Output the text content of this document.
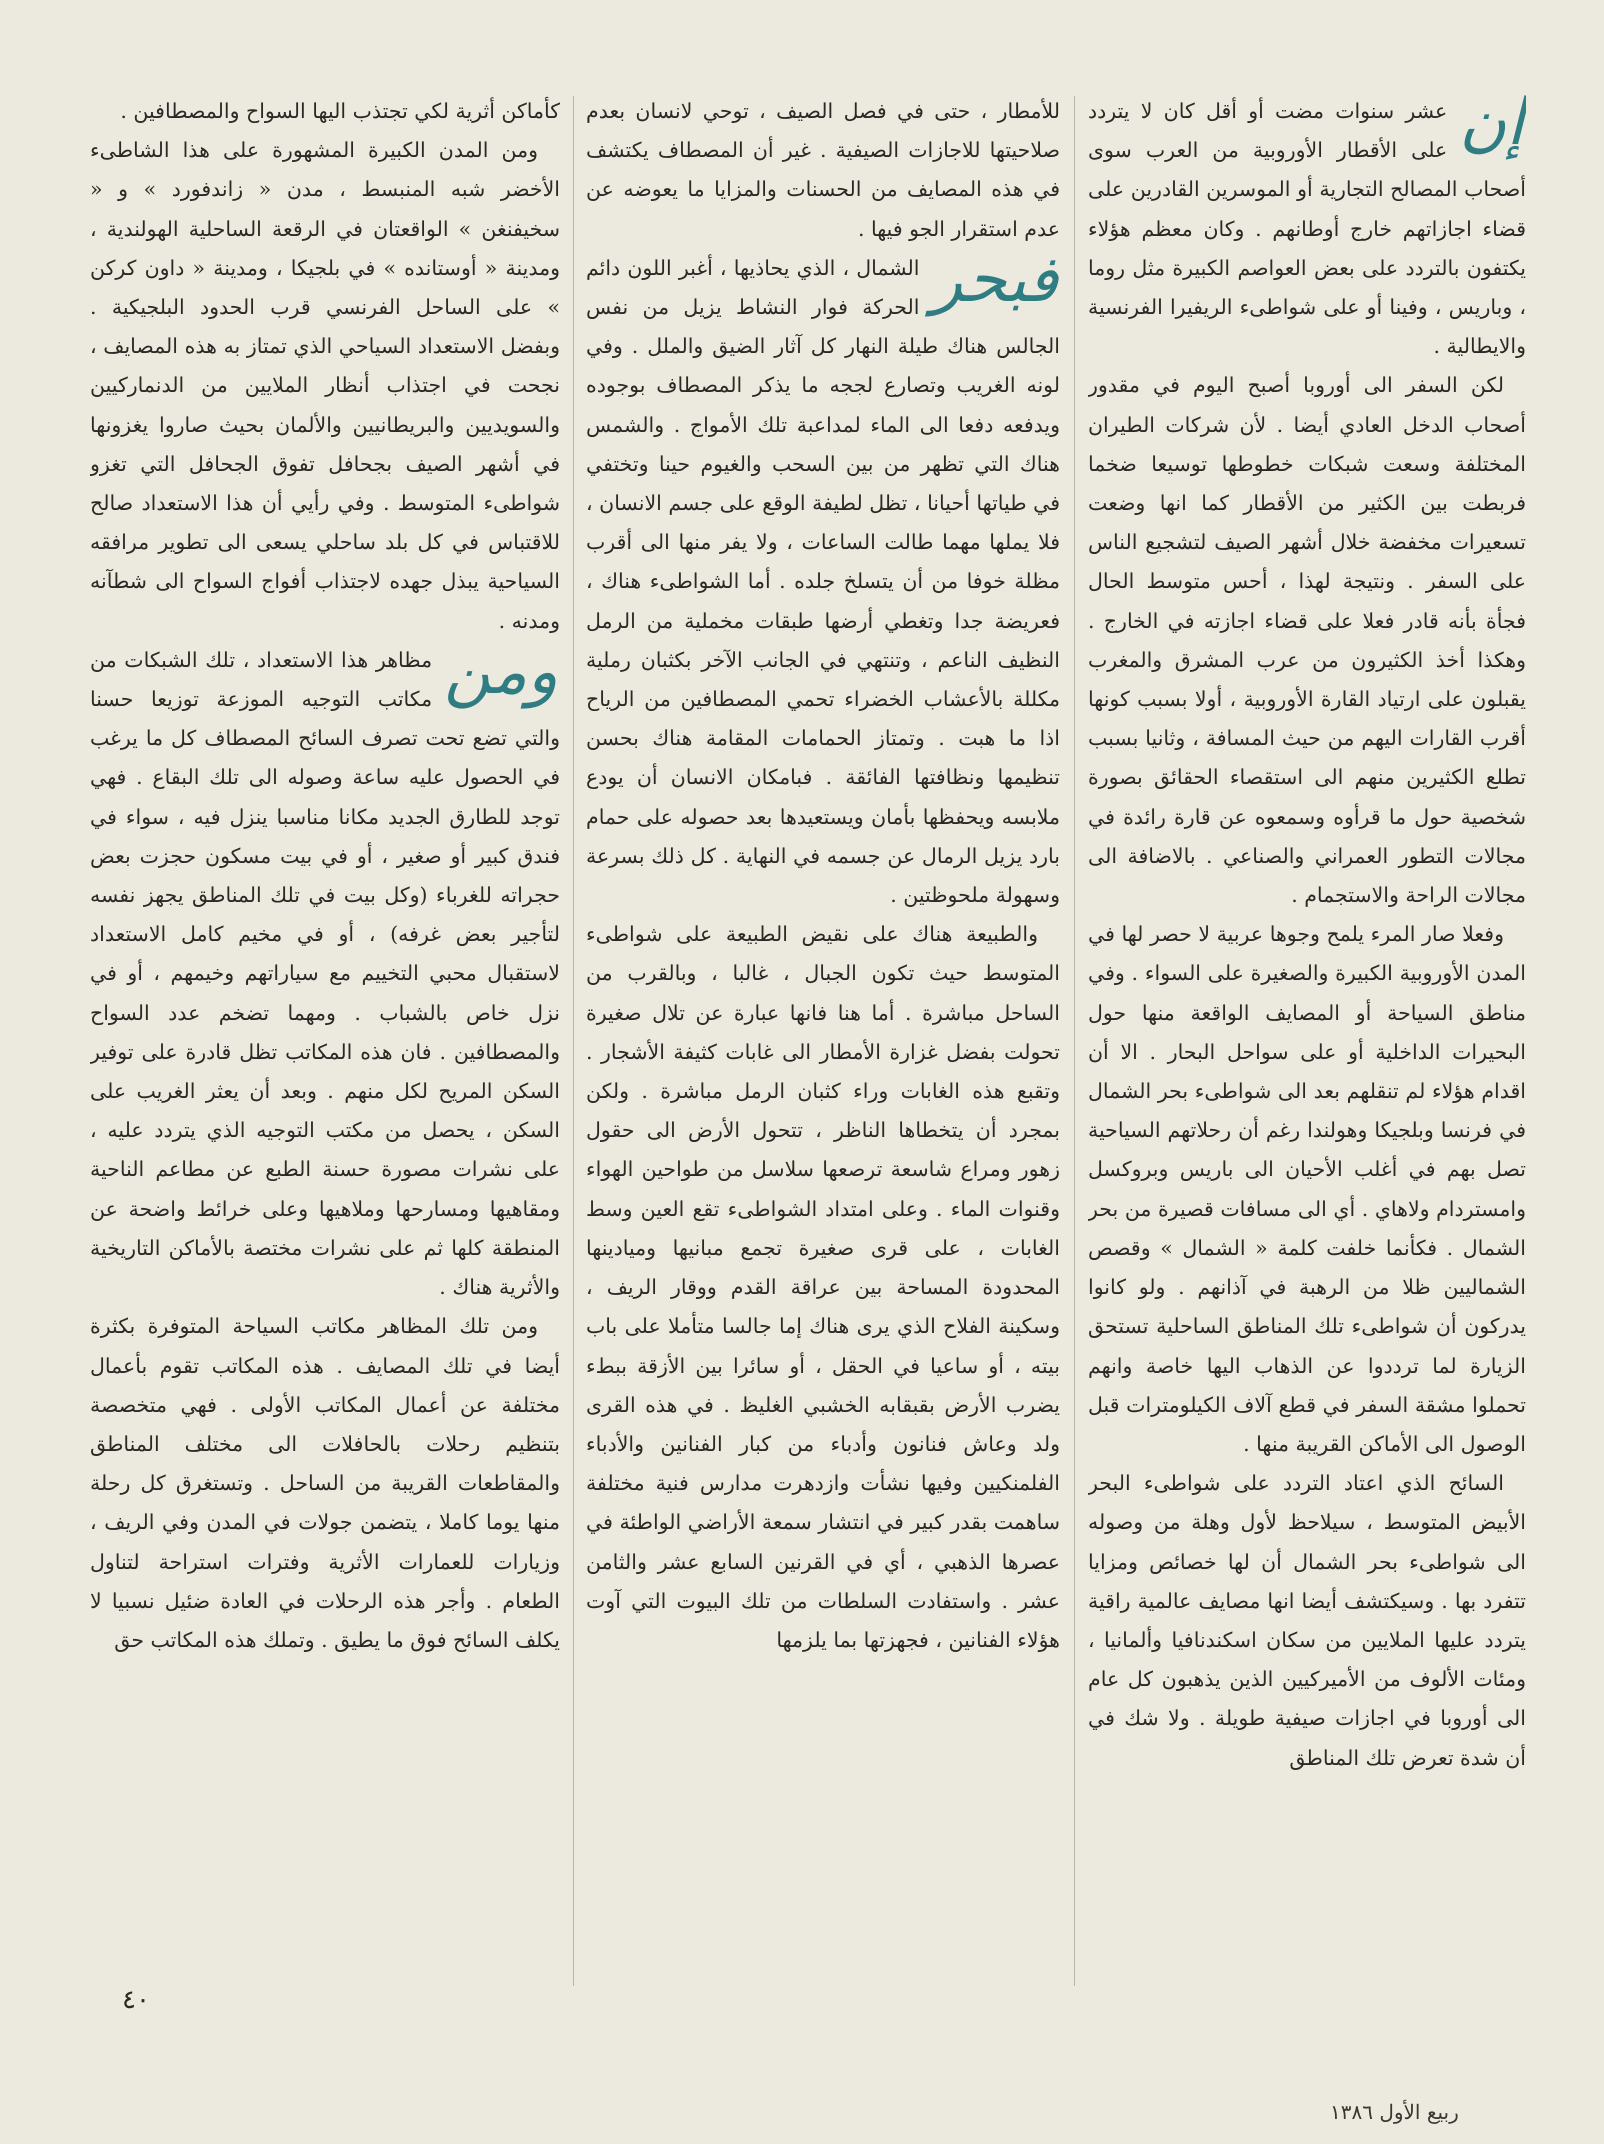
إن

عشر سنوات مضت أو أقل كان لا يتردد على الأقطار الأوروبية من العرب سوى أصحاب المصالح التجارية أو الموسرين القادرين على قضاء اجازاتهم خارج أوطانهم . وكان معظم هؤلاء يكتفون بالتردد على بعض العواصم الكبيرة مثل روما ، وباريس ، وفينا أو على شواطىء الريفيرا الفرنسية والايطالية .

لكن السفر الى أوروبا أصبح اليوم في مقدور أصحاب الدخل العادي أيضا . لأن شركات الطيران المختلفة وسعت شبكات خطوطها توسيعا ضخما فربطت بين الكثير من الأقطار كما انها وضعت تسعيرات مخفضة خلال أشهر الصيف لتشجيع الناس على السفر . ونتيجة لهذا ، أحس متوسط الحال فجأة بأنه قادر فعلا على قضاء اجازته في الخارج . وهكذا أخذ الكثيرون من عرب المشرق والمغرب يقبلون على ارتياد القارة الأوروبية ، أولا بسبب كونها أقرب القارات اليهم من حيث المسافة ، وثانيا بسبب تطلع الكثيرين منهم الى استقصاء الحقائق بصورة شخصية حول ما قرأوه وسمعوه عن قارة رائدة في مجالات التطور العمراني والصناعي . بالاضافة الى مجالات الراحة والاستجمام .

وفعلا صار المرء يلمح وجوها عربية لا حصر لها في المدن الأوروبية الكبيرة والصغيرة على السواء . وفي مناطق السياحة أو المصايف الواقعة منها حول البحيرات الداخلية أو على سواحل البحار . الا أن اقدام هؤلاء لم تنقلهم بعد الى شواطىء بحر الشمال في فرنسا وبلجيكا وهولندا رغم أن رحلاتهم السياحية تصل بهم في أغلب الأحيان الى باريس وبروكسل وامستردام ولاهاي . أي الى مسافات قصيرة من بحر الشمال . فكأنما خلفت كلمة « الشمال » وقصص الشماليين ظلا من الرهبة في آذانهم . ولو كانوا يدركون أن شواطىء تلك المناطق الساحلية تستحق الزيارة لما ترددوا عن الذهاب اليها خاصة وانهم تحملوا مشقة السفر في قطع آلاف الكيلومترات قبل الوصول الى الأماكن القريبة منها .

السائح الذي اعتاد التردد على شواطىء البحر الأبيض المتوسط ، سيلاحظ لأول وهلة من وصوله الى شواطىء بحر الشمال أن لها خصائص ومزايا تتفرد بها . وسيكتشف أيضا انها مصايف عالمية راقية يتردد عليها الملايين من سكان اسكندنافيا وألمانيا ، ومئات الألوف من الأميركيين الذين يذهبون كل عام الى أوروبا في اجازات صيفية طويلة . ولا شك في أن شدة تعرض تلك المناطق

للأمطار ، حتى في فصل الصيف ، توحي لانسان بعدم صلاحيتها للاجازات الصيفية . غير أن المصطاف يكتشف في هذه المصايف من الحسنات والمزايا ما يعوضه عن عدم استقرار الجو فيها .

فبحر

الشمال ، الذي يحاذيها ، أغبر اللون دائم الحركة فوار النشاط يزيل من نفس الجالس هناك طيلة النهار كل آثار الضيق والملل . وفي لونه الغريب وتصارع لججه ما يذكر المصطاف بوجوده ويدفعه دفعا الى الماء لمداعبة تلك الأمواج . والشمس هناك التي تظهر من بين السحب والغيوم حينا وتختفي في طياتها أحيانا ، تظل لطيفة الوقع على جسم الانسان ، فلا يملها مهما طالت الساعات ، ولا يفر منها الى أقرب مظلة خوفا من أن يتسلخ جلده . أما الشواطىء هناك ، فعريضة جدا وتغطي أرضها طبقات مخملية من الرمل النظيف الناعم ، وتنتهي في الجانب الآخر بكثبان رملية مكللة بالأعشاب الخضراء تحمي المصطافين من الرياح اذا ما هبت . وتمتاز الحمامات المقامة هناك بحسن تنظيمها ونظافتها الفائقة . فبامكان الانسان أن يودع ملابسه ويحفظها بأمان ويستعيدها بعد حصوله على حمام بارد يزيل الرمال عن جسمه في النهاية . كل ذلك بسرعة وسهولة ملحوظتين .

والطبيعة هناك على نقيض الطبيعة على شواطىء المتوسط حيث تكون الجبال ، غالبا ، وبالقرب من الساحل مباشرة . أما هنا فانها عبارة عن تلال صغيرة تحولت بفضل غزارة الأمطار الى غابات كثيفة الأشجار . وتقبع هذه الغابات وراء كثبان الرمل مباشرة . ولكن بمجرد أن يتخطاها الناظر ، تتحول الأرض الى حقول زهور ومراع شاسعة ترصعها سلاسل من طواحين الهواء وقنوات الماء . وعلى امتداد الشواطىء تقع العين وسط الغابات ، على قرى صغيرة تجمع مبانيها وميادينها المحدودة المساحة بين عراقة القدم ووقار الريف ، وسكينة الفلاح الذي يرى هناك إما جالسا متأملا على باب بيته ، أو ساعيا في الحقل ، أو سائرا بين الأزقة ببطء يضرب الأرض بقبقابه الخشبي الغليظ . في هذه القرى ولد وعاش فنانون وأدباء من كبار الفنانين والأدباء الفلمنكيين وفيها نشأت وازدهرت مدارس فنية مختلفة ساهمت بقدر كبير في انتشار سمعة الأراضي الواطئة في عصرها الذهبي ، أي في القرنين السابع عشر والثامن عشر . واستفادت السلطات من تلك البيوت التي آوت هؤلاء الفنانين ، فجهزتها بما يلزمها

كأماكن أثرية لكي تجتذب اليها السواح والمصطافين .

ومن المدن الكبيرة المشهورة على هذا الشاطىء الأخضر شبه المنبسط ، مدن « زاندفورد » و « سخيفنغن » الواقعتان في الرقعة الساحلية الهولندية ، ومدينة « أوستانده » في بلجيكا ، ومدينة « داون كركن » على الساحل الفرنسي قرب الحدود البلجيكية . وبفضل الاستعداد السياحي الذي تمتاز به هذه المصايف ، نجحت في اجتذاب أنظار الملايين من الدنماركيين والسويديين والبريطانيين والألمان بحيث صاروا يغزونها في أشهر الصيف بجحافل تفوق الجحافل التي تغزو شواطىء المتوسط . وفي رأيي أن هذا الاستعداد صالح للاقتباس في كل بلد ساحلي يسعى الى تطوير مرافقه السياحية يبذل جهده لاجتذاب أفواج السواح الى شطآنه ومدنه .

ومن

مظاهر هذا الاستعداد ، تلك الشبكات من مكاتب التوجيه الموزعة توزيعا حسنا والتي تضع تحت تصرف السائح المصطاف كل ما يرغب في الحصول عليه ساعة وصوله الى تلك البقاع . فهي توجد للطارق الجديد مكانا مناسبا ينزل فيه ، سواء في فندق كبير أو صغير ، أو في بيت مسكون حجزت بعض حجراته للغرباء (وكل بيت في تلك المناطق يجهز نفسه لتأجير بعض غرفه) ، أو في مخيم كامل الاستعداد لاستقبال محبي التخييم مع سياراتهم وخيمهم ، أو في نزل خاص بالشباب . ومهما تضخم عدد السواح والمصطافين . فان هذه المكاتب تظل قادرة على توفير السكن المريح لكل منهم . وبعد أن يعثر الغريب على السكن ، يحصل من مكتب التوجيه الذي يتردد عليه ، على نشرات مصورة حسنة الطبع عن مطاعم الناحية ومقاهيها ومسارحها وملاهيها وعلى خرائط واضحة عن المنطقة كلها ثم على نشرات مختصة بالأماكن التاريخية والأثرية هناك .

ومن تلك المظاهر مكاتب السياحة المتوفرة بكثرة أيضا في تلك المصايف . هذه المكاتب تقوم بأعمال مختلفة عن أعمال المكاتب الأولى . فهي متخصصة بتنظيم رحلات بالحافلات الى مختلف المناطق والمقاطعات القريبة من الساحل . وتستغرق كل رحلة منها يوما كاملا ، يتضمن جولات في المدن وفي الريف ، وزيارات للعمارات الأثرية وفترات استراحة لتناول الطعام . وأجر هذه الرحلات في العادة ضئيل نسبيا لا يكلف السائح فوق ما يطيق . وتملك هذه المكاتب حق

٤٠
ربيع الأول ١٣٨٦
